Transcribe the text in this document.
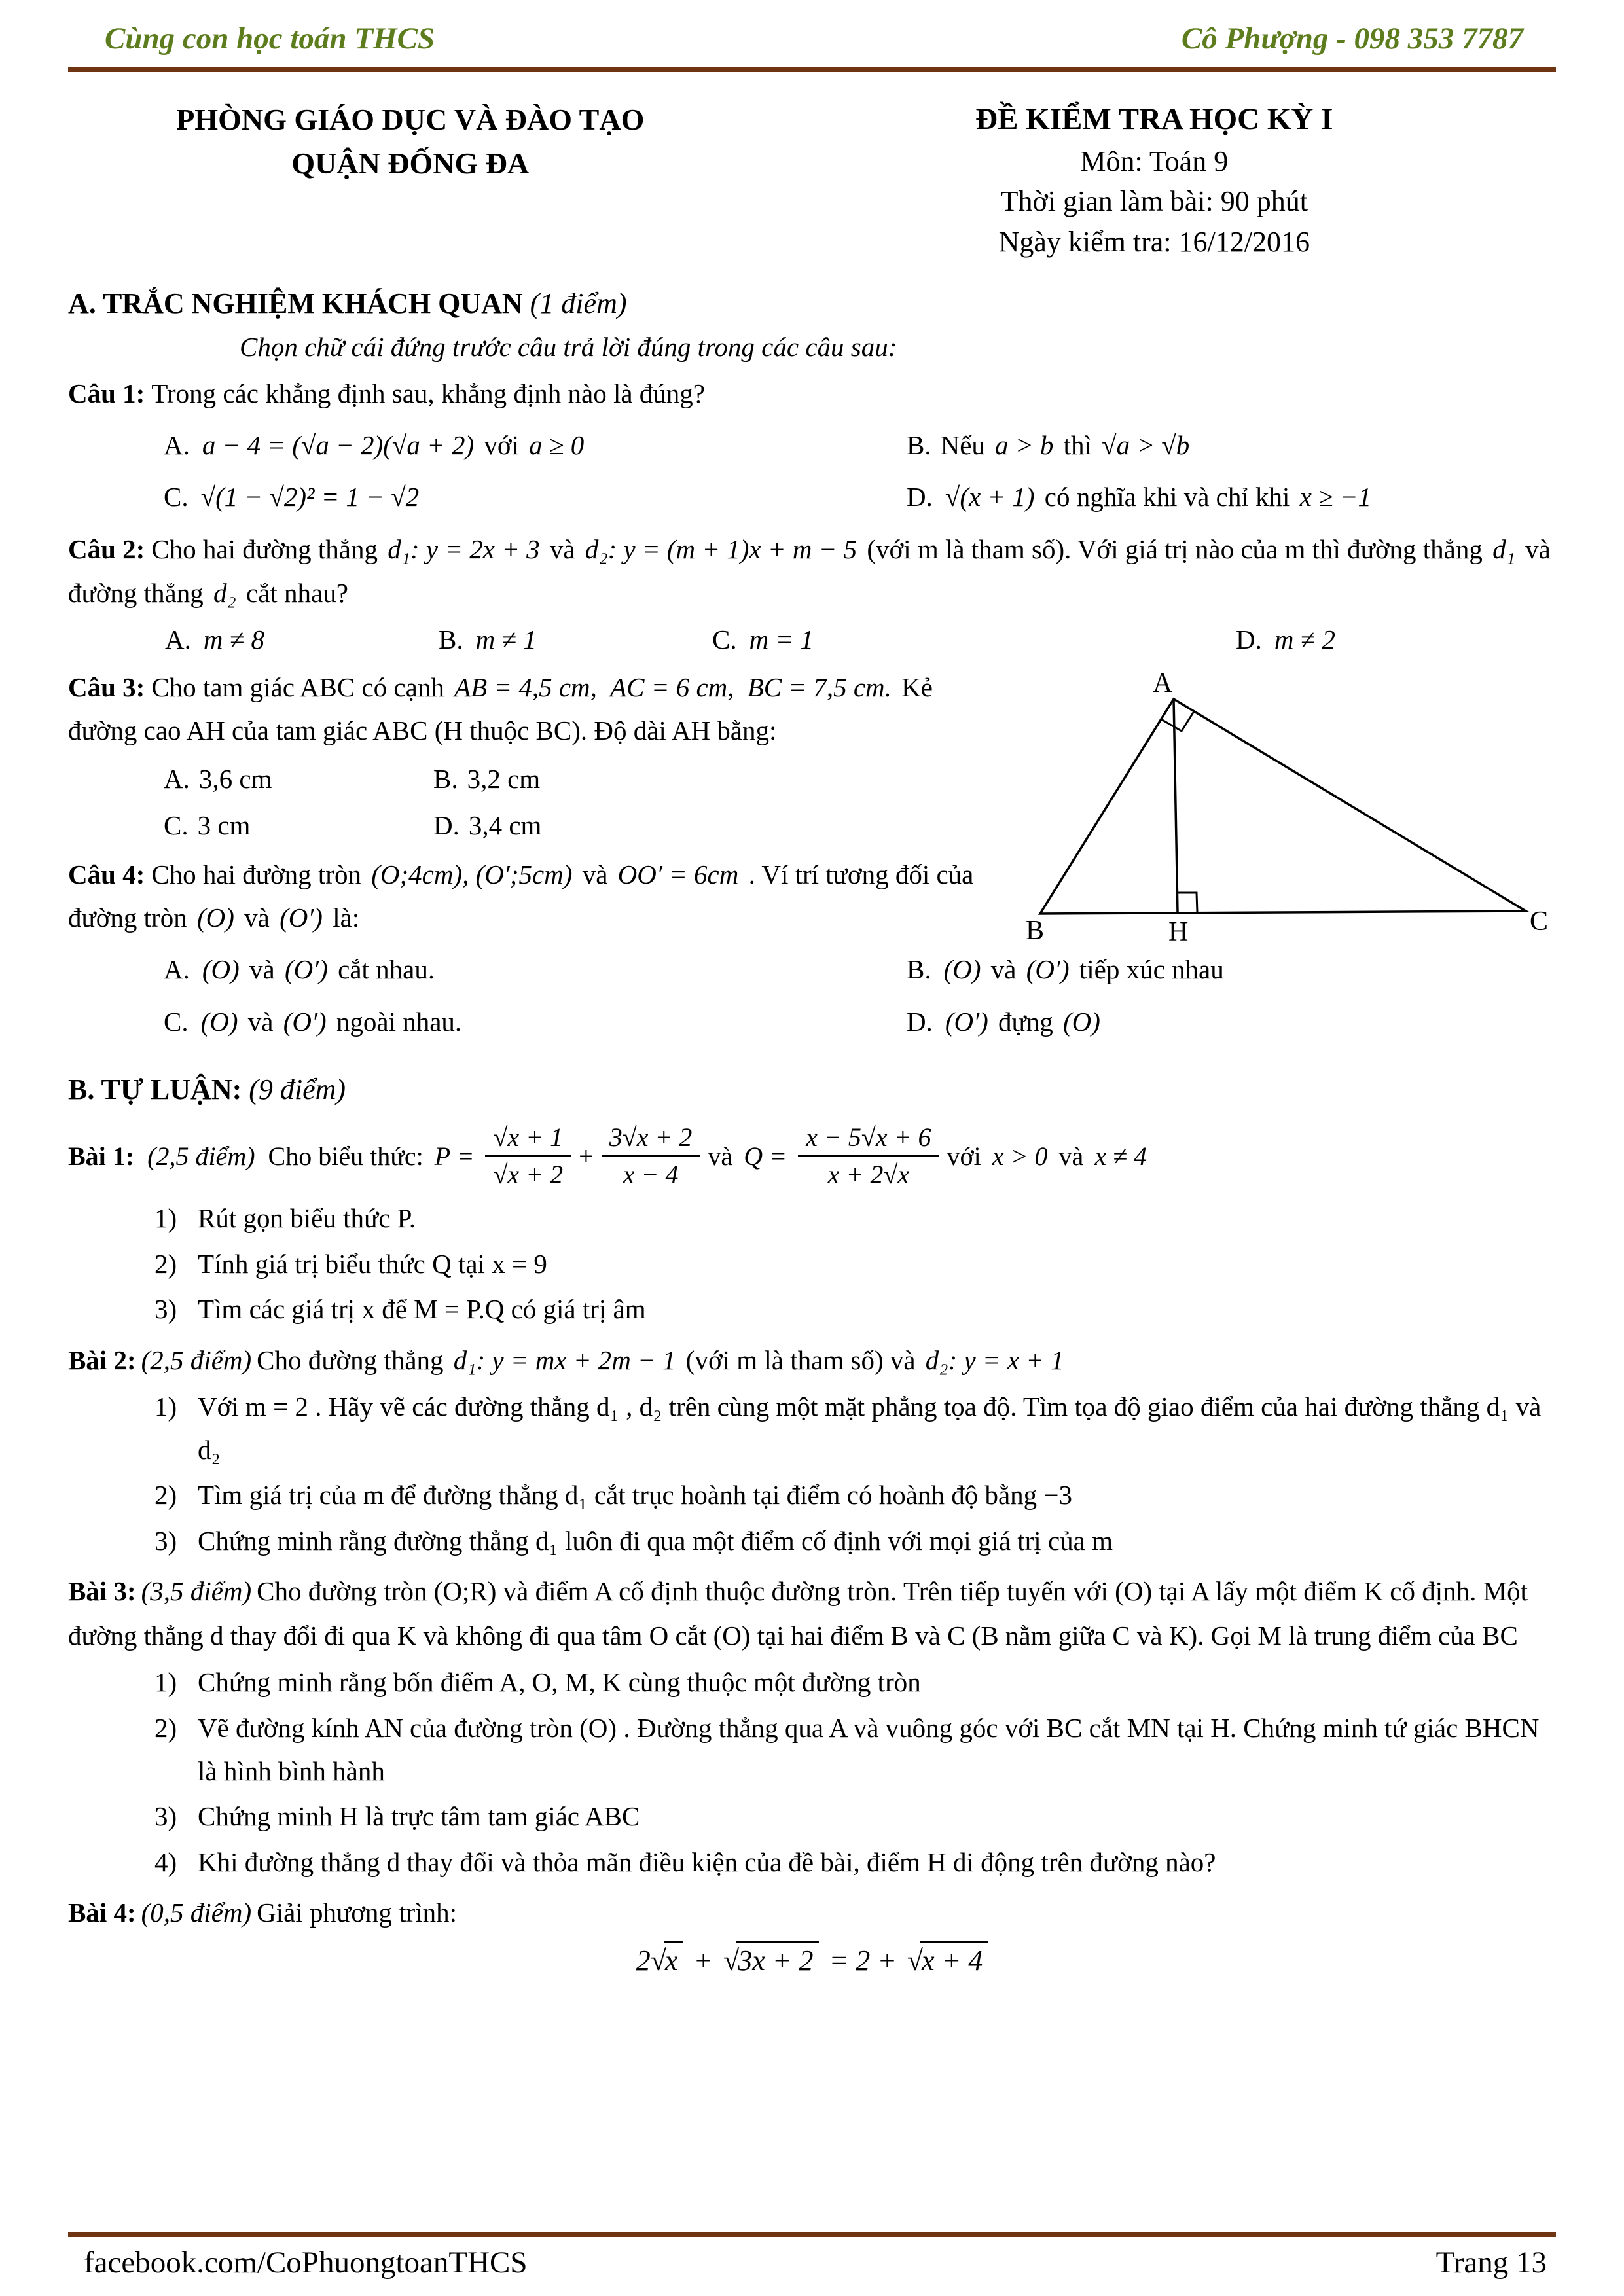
Cùng con học toán THCS	Cô Phượng - 098 353 7787
PHÒNG GIÁO DỤC VÀ ĐÀO TẠO
QUẬN ĐỐNG ĐA
ĐỀ KIỂM TRA HỌC KỲ I
Môn: Toán 9
Thời gian làm bài: 90 phút
Ngày kiểm tra: 16/12/2016
A. TRẮC NGHIỆM KHÁCH QUAN (1 điểm)
Chọn chữ cái đứng trước câu trả lời đúng trong các câu sau:

Câu 1: Trong các khẳng định sau, khẳng định nào là đúng?

A. a − 4 = (√a − 2)(√a + 2) với a ≥ 0	B. Nếu a > b thì √a > √b
C. √(1 − √2)² = 1 − √2	D. √(x + 1) có nghĩa khi và chỉ khi x ≥ −1

Câu 2: Cho hai đường thẳng d₁: y = 2x + 3 và d₂: y = (m + 1)x + m − 5 (với m là tham số). Với giá trị nào của m thì đường thẳng d₁ và đường thẳng d₂ cắt nhau?

A. m ≠ 8	B. m ≠ 1	C. m = 1	D. m ≠ 2
A
B	H	C

Câu 3: Cho tam giác ABC có cạnh AB = 4,5 cm, AC = 6 cm, BC = 7,5 cm. Kẻ đường cao AH của tam giác ABC (H thuộc BC). Độ dài AH bằng:

A. 3,6 cm	B. 3,2 cm
C. 3 cm	D. 3,4 cm

Câu 4: Cho hai đường tròn (O;4cm), (O′;5cm) và OO′ = 6cm . Ví trí tương đối của đường tròn (O) và (O′) là:

A. (O) và (O′) cắt nhau.	B. (O) và (O′) tiếp xúc nhau
C. (O) và (O′) ngoài nhau.	D. (O′) đựng (O)
B. TỰ LUẬN: (9 điểm)
Bài 1: (2,5 điểm) Cho biểu thức: $P = \frac{√x + 1}{√x + 2} + \frac{3√x + 2}{x - 4}$ và $Q = \frac{x - 5√x + 6}{x + 2√x}$ với x > 0 và x ≠ 4
1) Rút gọn biểu thức P.
2) Tính giá trị biểu thức Q tại x = 9
3) Tìm các giá trị x để M = P.Q có giá trị âm

Bài 2: (2,5 điểm) Cho đường thẳng d₁: y = mx + 2m − 1 (với m là tham số) và d₂: y = x + 1

1) Với m = 2 . Hãy vẽ các đường thẳng d₁ , d₂ trên cùng một mặt phẳng tọa độ. Tìm tọa độ giao điểm của hai đường thẳng d₁ và d₂
2) Tìm giá trị của m để đường thẳng d₁ cắt trục hoành tại điểm có hoành độ bằng −3
3) Chứng minh rằng đường thẳng d₁ luôn đi qua một điểm cố định với mọi giá trị của m

Bài 3: (3,5 điểm) Cho đường tròn (O;R) và điểm A cố định thuộc đường tròn. Trên tiếp tuyến với (O) tại A lấy một điểm K cố định. Một đường thẳng d thay đổi đi qua K và không đi qua tâm O cắt (O) tại hai điểm B và C (B nằm giữa C và K). Gọi M là trung điểm của BC

1) Chứng minh rằng bốn điểm A, O, M, K cùng thuộc một đường tròn
2) Vẽ đường kính AN của đường tròn (O) . Đường thẳng qua A và vuông góc với BC cắt MN tại H. Chứng minh tứ giác BHCN là hình bình hành
3) Chứng minh H là trực tâm tam giác ABC
4) Khi đường thẳng d thay đổi và thỏa mãn điều kiện của đề bài, điểm H di động trên đường nào?

Bài 4: (0,5 điểm) Giải phương trình:

2√x + √3x + 2 = 2 + √x + 4
facebook.com/CoPhuongtoanTHCS	Trang 13
